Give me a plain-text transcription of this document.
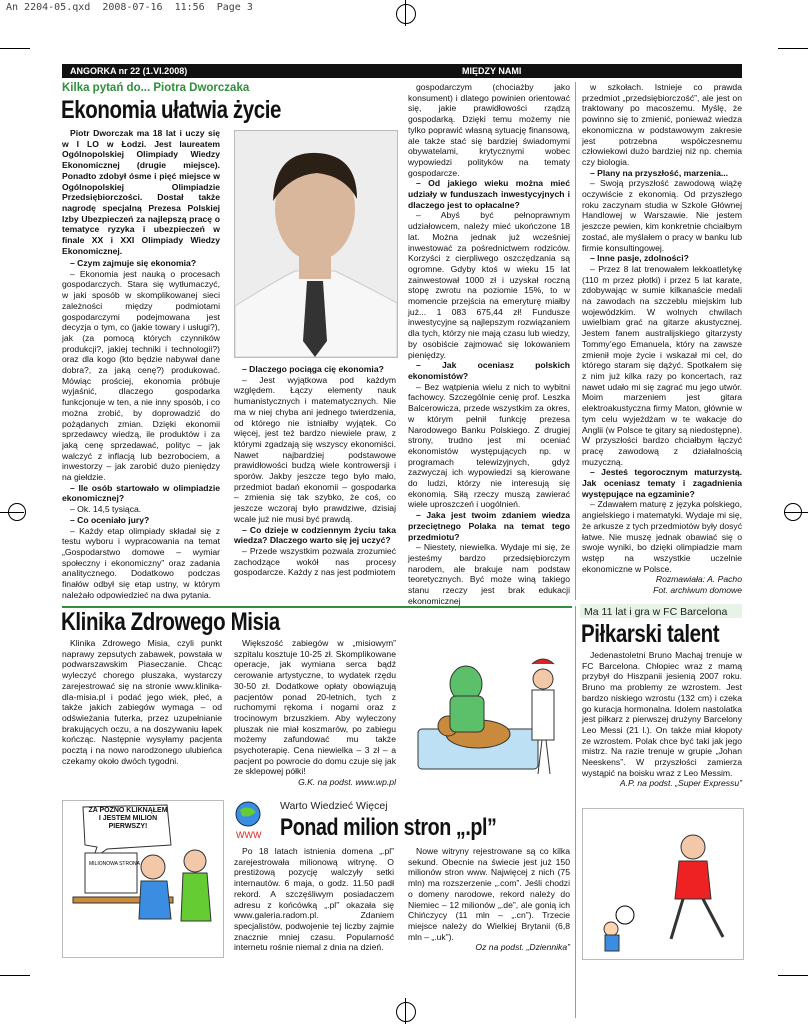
An 2204-05.qxd  2008-07-16  11:56  Page 3
ANGORKA nr 22 (1.VI.2008)	MIĘDZY NAMI	5
Kilka pytań do... Piotra Dworczaka
Ekonomia ułatwia życie

Piotr Dworczak ma 18 lat i uczy się w I LO w Łodzi. Jest laureatem Ogólnopolskiej Olimpiady Wiedzy Ekonomicznej (drugie miejsce). Ponadto zdobył ósme i pięć miejsce w Ogólnopolskiej Olimpiadzie Przedsiębiorczości. Dostał także nagrodę specjalną Prezesa Polskiej Izby Ubezpieczeń za najlepszą pracę o tematyce ryzyka i ubezpieczeń w finale XX i XXI Olimpiady Wiedzy Ekonomicznej.

– Czym zajmuje się ekonomia?

– Ekonomia jest nauką o procesach gospodarczych. Stara się wytłumaczyć, w jaki sposób w skomplikowanej sieci zależności między podmiotami gospodarczymi podejmowana jest decyzja o tym, co (jakie towary i usługi?), jak (za pomocą których czynników produkcji?, jakiej techniki i technologii?) oraz dla kogo (kto będzie nabywał dane dobra?, za jaką cenę?) produkować. Mówiąc prościej, ekonomia próbuje wyjaśnić, dlaczego gospodarka funkcjonuje w ten, a nie inny sposób, i co można zrobić, by doprowadzić do pożądanych zmian. Dzięki ekonomii sprzedawcy wiedzą, ile produktów i za jaką cenę sprzedawać, polityc – jak walczyć z inflacją lub bezrobociem, a inwestorzy – jak zarobić dużo pieniędzy na giełdzie.

– Ile osób startowało w olimpiadzie ekonomicznej?

– Ok. 14,5 tysiąca.

– Co oceniało jury?

– Każdy etap olimpiady składał się z testu wyboru i wypracowania na temat „Gospodarstwo domowe – wymiar społeczny i ekonomiczny” oraz zadania analitycznego. Dodatkowo podczas finałów odbył się etap ustny, w którym należało odpowiedzieć na dwa pytania.

– Dlaczego pociąga cię ekonomia?

– Jest wyjątkowa pod każdym względem. Łączy elementy nauk humanistycznych i matematycznych. Nie ma w niej chyba ani jednego twierdzenia, od którego nie istniałby wyjątek. Co więcej, jest też bardzo niewiele praw, z którymi zgadzają się wszyscy ekonomiści. Nawet najbardziej podstawowe prawidłowości budzą wiele kontrowersji i sporów. Jakby jeszcze tego było mało, przedmiot badań ekonomii – gospodarka – zmienia się tak szybko, że coś, co jeszcze wczoraj było prawdziwe, dzisiaj wcale już nie musi być prawdą.

– Co dzieje w codziennym życiu taka wiedza? Dlaczego warto się jej uczyć?

– Przede wszystkim pozwala zrozumieć zachodzące wokół nas procesy gospodarcze. Każdy z nas jest podmiotem

gospodarczym (chociażby jako konsument) i dlatego powinien orientować się, jakie prawidłowości rządzą gospodarką. Dzięki temu możemy nie tylko poprawić własną sytuację finansową, ale także stać się bardziej świadomymi obywatelami, krytycznymi wobec wypowiedzi polityków na tematy gospodarcze.

– Od jakiego wieku można mieć udziały w funduszach inwestycyjnych i dlaczego jest to opłacalne?

– Abyś być pełnoprawnym udziałowcem, należy mieć ukończone 18 lat. Można jednak już wcześniej inwestować za pośrednictwem rodziców. Korzyści z cierpliwego oszczędzania są ogromne. Gdyby ktoś w wieku 15 lat zainwestował 1000 zł i uzyskał roczną stopę zwrotu na poziomie 15%, to w momencie przejścia na emeryturę miałby już... 1 083 675,44 zł! Fundusze inwestycyjne są najlepszym rozwiązaniem dla tych, którzy nie mają czasu lub wiedzy, by osobiście zajmować się lokowaniem pieniędzy.

– Jak oceniasz polskich ekonomistów?

– Bez wątpienia wielu z nich to wybitni fachowcy. Szczególnie cenię prof. Leszka Balcerowicza, przede wszystkim za okres, w którym pełnił funkcję prezesa Narodowego Banku Polskiego. Z drugiej strony, trudno jest mi oceniać ekonomistów występujących np. w programach telewizyjnych, gdyż zazwyczaj ich wypowiedzi są kierowane do ludzi, którzy nie interesują się ekonomią. Siłą rzeczy muszą zawierać wiele uproszczeń i uogólnień.

– Jaka jest twoim zdaniem wiedza przeciętnego Polaka na temat tego przedmiotu?

– Niestety, niewielka. Wydaje mi się, że jesteśmy bardzo przedsiębiorczym narodem, ale brakuje nam podstaw teoretycznych. Być może winą takiego stanu rzeczy jest brak edukacji ekonomicznej

w szkołach. Istnieje co prawda przedmiot „przedsiębiorczość”, ale jest on traktowany po macoszemu. Myślę, że powinno się to zmienić, ponieważ wiedza ekonomiczna w podstawowym zakresie jest potrzebna współczesnemu człowiekowi dużo bardziej niż np. chemia czy biologia.

– Plany na przyszłość, marzenia...

– Swoją przyszłość zawodową wiążę oczywiście z ekonomią. Od przyszłego roku zaczynam studia w Szkole Głównej Handlowej w Warszawie. Nie jestem jeszcze pewien, kim konkretnie chciałbym zostać, ale myślałem o pracy w banku lub firmie konsultingowej.

– Inne pasje, zdolności?

– Przez 8 lat trenowałem lekkoatletykę (110 m przez płotki) i przez 5 lat karate, zdobywając w sumie kilkanaście medali na zawodach na szczeblu miejskim lub wojewódzkim. W wolnych chwilach uwielbiam grać na gitarze akustycznej. Jestem fanem australijskiego gitarzysty Tommy’ego Emanuela, który na zawsze zmienił moje życie i wskazał mi cel, do którego staram się dążyć. Spotkałem się z nim już kilka razy po koncertach, raz nawet udało mi się zagrać mu jego utwór. Moim marzeniem jest gitara elektroakustyczna firmy Maton, głównie w tym celu wyjeżdżam w te wakacje do Anglii (w Polsce te gitary są niedostępne). W przyszłości bardzo chciałbym łączyć pracę zawodową z działalnością muzyczną.

– Jesteś tegorocznym maturzystą. Jak oceniasz tematy i zagadnienia występujące na egzaminie?

– Zdawałem maturę z języka polskiego, angielskiego i matematyki. Wydaje mi się, że arkusze z tych przedmiotów były dosyć łatwe. Nie muszę jednak obawiać się o swoje wyniki, bo dzięki olimpiadzie mam wstęp na wszystkie uczelnie ekonomiczne w Polsce.

Rozmawiała: A. Pacho

Fot. archiwum domowe

Klinika Zdrowego Misia

Klinika Zdrowego Misia, czyli punkt naprawy zepsutych zabawek, powstała w podwarszawskim Piaseczanie. Chcąc wyleczyć chorego pluszaka, wystarczy zarejestrować się na stronie www.klinika-dla-misia.pl i podać jego wiek, płeć, a także jakich zabiegów wymaga – od odświeżania futerka, przez uzupełnianie brakujących oczu, a na doszywaniu łapek kończąc. Następnie wysyłamy pacjenta pocztą i na nowo narodzonego ulubieńca czekamy około dwóch tygodni.

Większość zabiegów w „misiowym” szpitalu kosztuje 10-25 zł. Skomplikowane operacje, jak wymiana serca bądź cerowanie artystyczne, to wydatek rzędu 30-50 zł. Dodatkowe opłaty obowiązują pacjentów ponad 20-letnich, tych z ruchomymi rękoma i nogami oraz z trocinowym brzuszkiem. Aby wyleczony pluszak nie miał koszmarów, po zabiegu możemy zafundować mu także psychoterapię. Cena niewielka – 3 zł – a pacjent po powrocie do domu czuje się jak ze sklepowej półki!

G.K. na podst. www.wp.pl

Ma 11 lat i gra w FC Barcelona
Piłkarski talent

Jedenastoletni Bruno Machaj trenuje w FC Barcelona. Chłopiec wraz z mamą przybył do Hiszpanii jesienią 2007 roku. Bruno ma problemy ze wzrostem. Jest bardzo niskiego wzrostu (132 cm) i czeka go kuracja hormonalna. Idolem nastolatka jest piłkarz z pierwszej drużyny Barcelony Leo Messi (21 l.). On także miał kłopoty ze wzrostem. Polak chce być taki jak jego mistrz. Na razie trenuje w grupie „Johan Neeskens”. W przyszłości zamierza wystąpić na boisku wraz z Leo Messim.

A.P. na podst. „Super Expressu”

WWW
Warto Wiedzieć Więcej
Ponad milion stron „.pl”
ZA PÓŹNO KLIKNĄŁEM I JESTEM MILION PIERWSZY!
MILIONOWA STRONA

Po 18 latach istnienia domena „.pl” zarejestrowała milionową witrynę. O prestiżową pozycję walczyły setki internautów. 6 maja, o godz. 11.50 padł rekord. A szczęśliwym posiadaczem adresu z końcówką „.pl” okazała się www.galeria.radom.pl. Zdaniem specjalistów, podwojenie tej liczby zajmie znacznie mniej czasu. Popularność internetu rośnie niemal z dnia na dzień.

Nowe witryny rejestrowane są co kilka sekund. Obecnie na świecie jest już 150 milionów stron www. Najwięcej z nich (75 mln) ma rozszerzenie „.com”. Jeśli chodzi o domeny narodowe, rekord należy do Niemiec – 12 milionów „.de”, ale gonią ich Chińczycy (11 mln – „.cn”). Trzecie miejsce należy do Wielkiej Brytanii (6,8 mln – „.uk”).

Oz na podst. „Dziennika”
